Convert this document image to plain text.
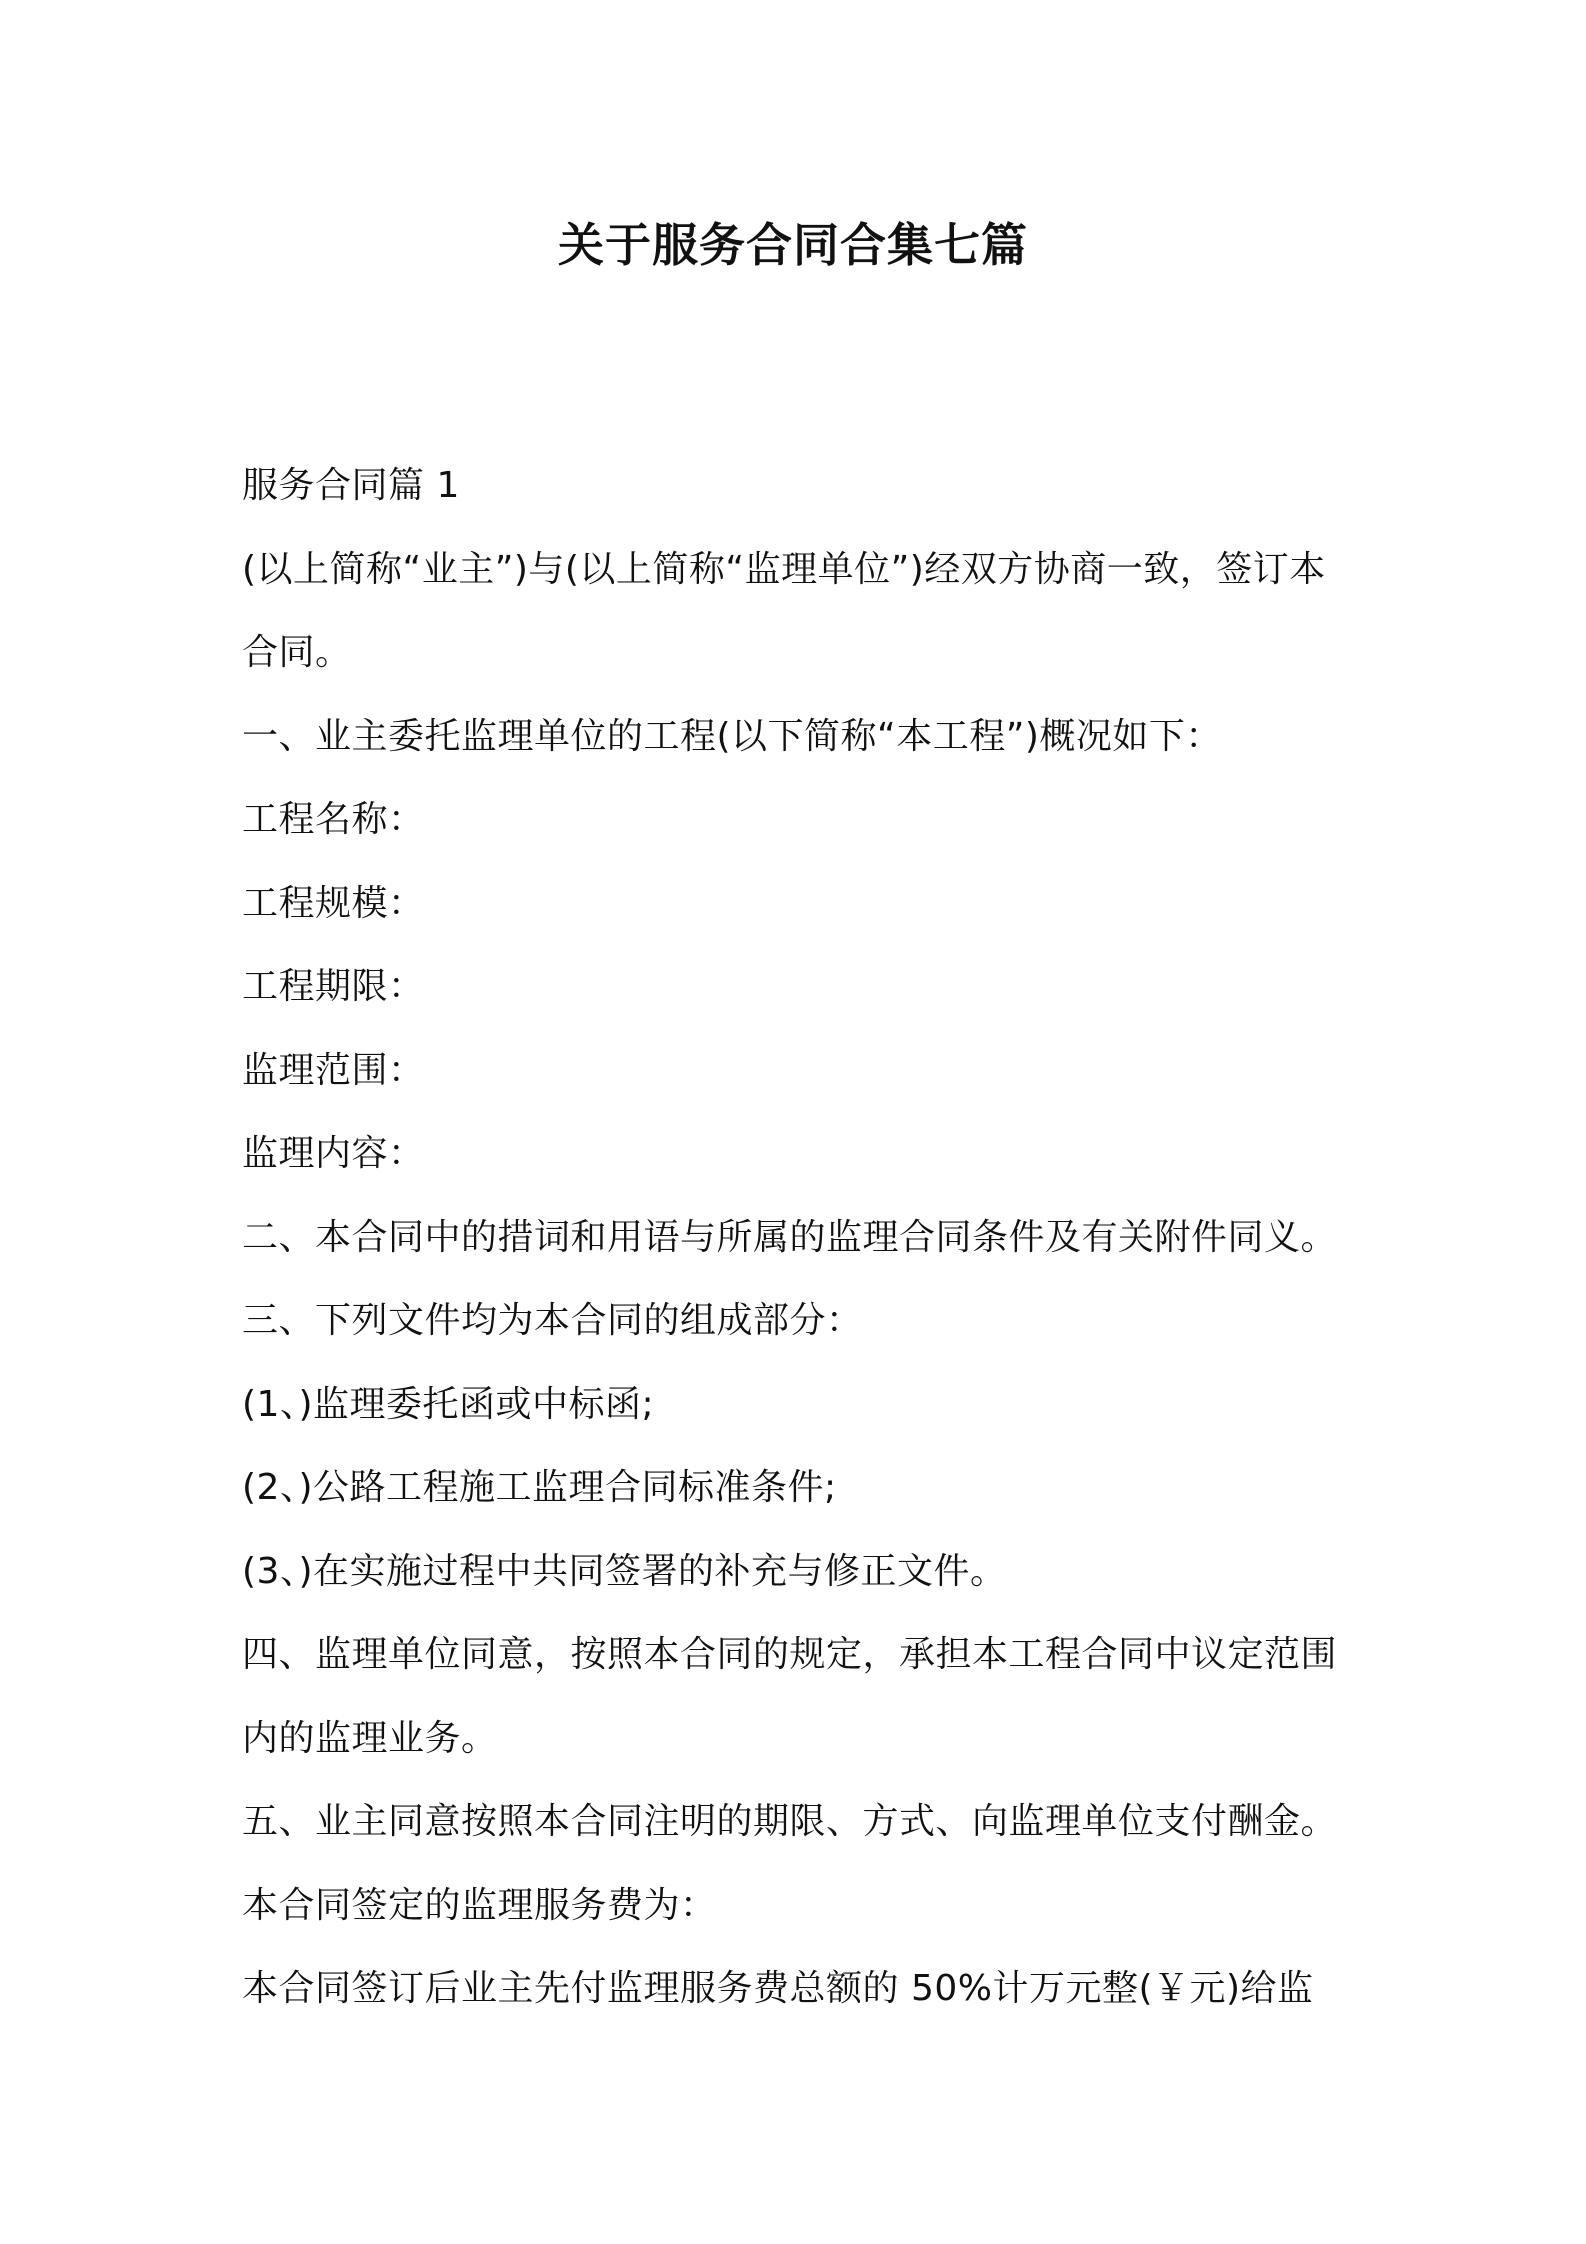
关于服务合同合集七篇

服务合同篇 1

(以上简称“业主”)与(以上简称“监理单位”)经双方协商一致，签订本合同。

一、业主委托监理单位的工程(以下简称“本工程”)概况如下：

工程名称：

工程规模：

工程期限：

监理范围：

监理内容：

二、本合同中的措词和用语与所属的监理合同条件及有关附件同义。

三、下列文件均为本合同的组成部分：

(1、)监理委托函或中标函;

(2、)公路工程施工监理合同标准条件;

(3、)在实施过程中共同签署的补充与修正文件。

四、监理单位同意，按照本合同的规定，承担本工程合同中议定范围内的监理业务。

五、业主同意按照本合同注明的期限、方式、向监理单位支付酬金。

本合同签定的监理服务费为：

本合同签订后业主先付监理服务费总额的 50%计万元整(￥元)给监
